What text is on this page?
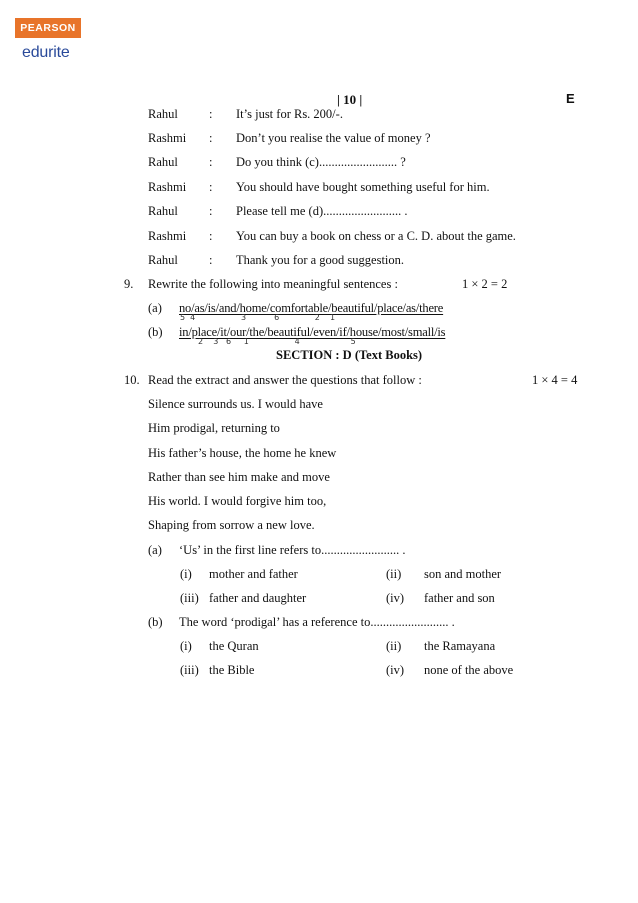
PEARSON
edurite
| 10 |	E
Rahul : It’s just for Rs. 200/-.
Rashmi : Don’t you realise the value of money ?
Rahul : Do you think (c)......................... ?
Rashmi : You should have bought something useful for him.
Rahul : Please tell me (d)......................... .
Rashmi : You can buy a book on chess or a C. D. about the game.
Rahul : Thank you for a good suggestion.
9. Rewrite the following into meaningful sentences :	1 × 2 = 2
(a) no/as/is/and/home/comfortable/beautiful/place/as/there
5  4                  3           6              2    1
(b) in/place/it/our/the/beautiful/even/if/house/most/small/is
2    3   6     1                  4                    5
SECTION : D (Text Books)
10. Read the extract and answer the questions that follow :	1 × 4 = 4
Silence surrounds us. I would have
Him prodigal, returning to
His father’s house, the home he knew
Rather than see him make and move
His world. I would forgive him too,
Shaping from sorrow a new love.
(a) ‘Us’ in the first line refers to......................... .
(i) mother and father	(ii) son and mother
(iii) father and daughter	(iv) father and son
(b) The word ‘prodigal’ has a reference to......................... .
(i) the Quran	(ii) the Ramayana
(iii) the Bible	(iv) none of the above
